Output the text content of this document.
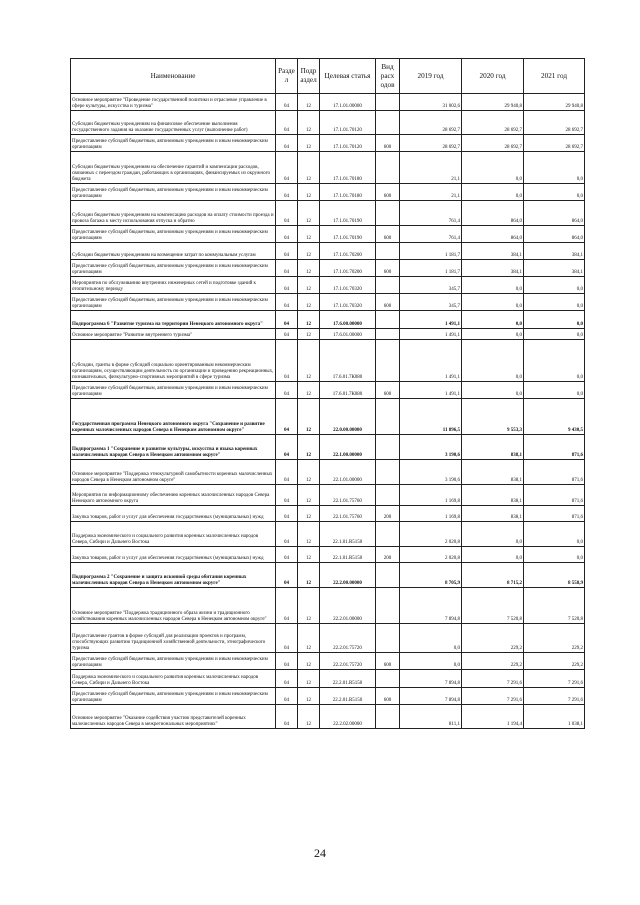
Наименование	Разде л	Подр аздел	Целевая статья	Вид расх одов	2019 год	2020 год	2021 год
Основное мероприятие "Проведение государственной политики и отраслевое управление в сфере культуры, искусства и туризма"	04	12	17.1.01.00000		31 002,6	29 940,8	29 940,8
Субсидии бюджетным учреждениям на финансовое обеспечение выполнения государственного задания на оказание государственных услуг (выполнение работ)	04	12	17.1.01.70120		28 692,7	28 692,7	28 692,7
Предоставление субсидий бюджетным, автономным учреждениям и иным некоммерческим организациям	04	12	17.1.01.70120	600	28 692,7	28 692,7	28 692,7
Субсидии бюджетным учреждениям на обеспечение гарантий и компенсации расходов, связанных с переездом граждан, работающих в организациях, финансируемых из окружного бюджета	04	12	17.1.01.70180		21,1	0,0	0,0
Предоставление субсидий бюджетным, автономным учреждениям и иным некоммерческим организациям	04	12	17.1.01.70180	600	21,1	0,0	0,0
Субсидии бюджетным учреждениям на компенсацию расходов на оплату стоимости проезда и провоза багажа к месту использования отпуска и обратно	04	12	17.1.01.70190		761,4	864,0	864,0
Предоставление субсидий бюджетным, автономным учреждениям и иным некоммерческим организациям	04	12	17.1.01.70190	600	761,4	864,0	864,0
Субсидии бюджетным учреждениям на возмещение затрат по коммунальным услугам	04	12	17.1.01.70200		1 181,7	384,1	384,1
Предоставление субсидий бюджетным, автономным учреждениям и иным некоммерческим организациям	04	12	17.1.01.70200	600	1 181,7	384,1	384,1
Мероприятия по обслуживанию внутренних инженерных сетей и подготовке зданий к отопительному периоду	04	12	17.1.01.70320		345,7	0,0	0,0
Предоставление субсидий бюджетным, автономным учреждениям и иным некоммерческим организациям	04	12	17.1.01.70320	600	345,7	0,0	0,0
Подпрограмма 6 "Развитие туризма на территории Ненецкого автономного округа"	04	12	17.6.00.00000		1 491,1	0,0	0,0
Основное мероприятие "Развитие внутреннего туризма"	04	12	17.6.01.00000		1 491,1	0,0	0,0
Субсидии, гранты в форме субсидий социально ориентированным некоммерческим организациям, осуществляющим деятельность по организации и проведению рекреационных, познавательных, физкультурно-спортивных мероприятий в сфере туризма	04	12	17.6.01.7К080		1 491,1	0,0	0,0
Предоставление субсидий бюджетным, автономным учреждениям и иным некоммерческим организациям	04	12	17.6.01.7К080	600	1 491,1	0,0	0,0
Государственная программа Ненецкого автономного округа "Сохранение и развитие коренных малочисленных народов Севера в Ненецком автономном округе"	04	12	22.0.00.00000		11 896,5	9 553,3	9 430,5
Подпрограмма 1 "Сохранение и развитие культуры, искусства и языка коренных малочисленных народов Севера в Ненецком автономном округе"	04	12	22.1.00.00000		3 190,6	838,1	871,6
Основное мероприятие "Поддержка этнокультурной самобытности коренных малочисленных народов Севера в Ненецком автономном округе"	04	12	22.1.01.00000		3 190,6	838,1	871,6
Мероприятия по информационному обеспечению коренных малочисленных народов Севера Ненецкого автономного округа	04	12	22.1.01.75760		1 169,8	838,1	871,6
Закупка товаров, работ и услуг для обеспечения государственных (муниципальных) нужд	04	12	22.1.01.75760	200	1 169,8	838,1	871,6
Поддержка экономического и социального развития коренных малочисленных народов Севера, Сибири и Дальнего Востока	04	12	22.1.01.R5150		2 020,8	0,0	0,0
Закупка товаров, работ и услуг для обеспечения государственных (муниципальных) нужд	04	12	22.1.01.R5150	200	2 020,8	0,0	0,0
Подпрограмма 2 "Сохранение и защита исконной среды обитания коренных малочисленных народов Севера в Ненецком автономном округе"	04	12	22.2.00.00000		8 705,9	8 715,2	8 558,9
Основное мероприятие "Поддержка традиционного образа жизни и традиционного хозяйствования коренных малочисленных народов Севера в Ненецком автономном округе"	04	12	22.2.01.00000		7 894,8	7 520,8	7 520,8
Предоставление грантов в форме субсидий для реализации проектов и программ, способствующих развитию традиционной хозяйственной деятельности, этнографического туризма	04	12	22.2.01.75720		0,0	229,2	229,2
Предоставление субсидий бюджетным, автономным учреждениям и иным некоммерческим организациям	04	12	22.2.01.75720	600	0,0	229,2	229,2
Поддержка экономического и социального развития коренных малочисленных народов Севера, Сибири и Дальнего Востока	04	12	22.2.01.R5150		7 894,8	7 291,6	7 291,6
Предоставление субсидий бюджетным, автономным учреждениям и иным некоммерческим организациям	04	12	22.2.01.R5150	600	7 894,8	7 291,6	7 291,6
Основное мероприятие "Оказание содействия участию представителей коренных малочисленных народов Севера в межрегиональных мероприятиях"	04	12	22.2.02.00000		811,1	1 194,4	1 038,1
24
